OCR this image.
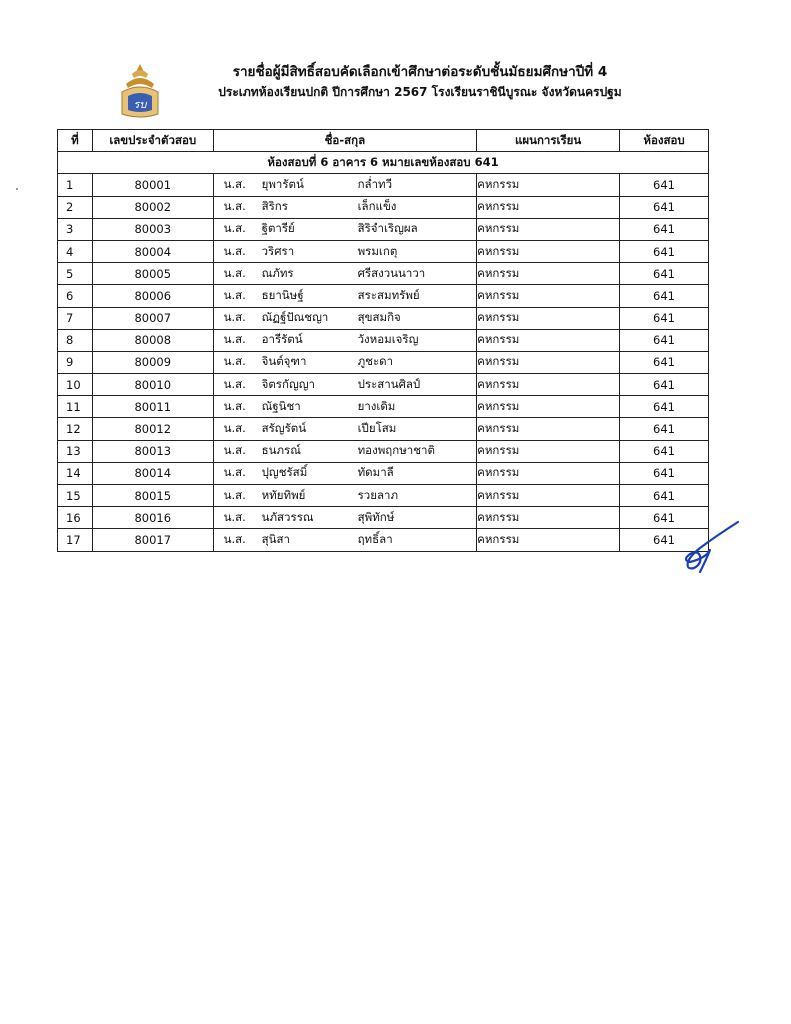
รบ
รายชื่อผู้มีสิทธิ์สอบคัดเลือกเข้าศึกษาต่อระดับชั้นมัธยมศึกษาปีที่ 4
ประเภทห้องเรียนปกติ ปีการศึกษา 2567 โรงเรียนราชินีบูรณะ จังหวัดนครปฐม
ที่	เลขประจำตัวสอบ	ชื่อ-สกุล	แผนการเรียน	ห้องสอบ
ห้องสอบที่ 6 อาคาร 6 หมายเลขห้องสอบ 641				
1	80001	น.ส. ยุพารัตน์ กล่ำทวี	คหกรรม	641
2	80002	น.ส. สิริกร เล็กแข็ง	คหกรรม	641
3	80003	น.ส. ฐิตารีย์ สิริจำเริญผล	คหกรรม	641
4	80004	น.ส. วริศรา พรมเกตุ	คหกรรม	641
5	80005	น.ส. ณภัทร ศรีสงวนนาวา	คหกรรม	641
6	80006	น.ส. ธยานิษฐ์ สระสมทรัพย์	คหกรรม	641
7	80007	น.ส. ณัฏฐ์ปัณชญา สุขสมกิจ	คหกรรม	641
8	80008	น.ส. อารีรัตน์ วังหอมเจริญ	คหกรรม	641
9	80009	น.ส. จินต์จุฑา ภูชะดา	คหกรรม	641
10	80010	น.ส. จิตรกัญญา ประสานศิลป์	คหกรรม	641
11	80011	น.ส. ณัฐนิชา ยางเดิม	คหกรรม	641
12	80012	น.ส. สรัญรัตน์ เปียโสม	คหกรรม	641
13	80013	น.ส. ธนภรณ์ ทองพฤกษาชาติ	คหกรรม	641
14	80014	น.ส. ปุญชรัสมิ์ ทัดมาลี	คหกรรม	641
15	80015	น.ส. หทัยทิพย์ รวยลาภ	คหกรรม	641
16	80016	น.ส. นภัสวรรณ สุพิทักษ์	คหกรรม	641
17	80017	น.ส. สุนิสา ฤทธิ์ลา	คหกรรม	641
